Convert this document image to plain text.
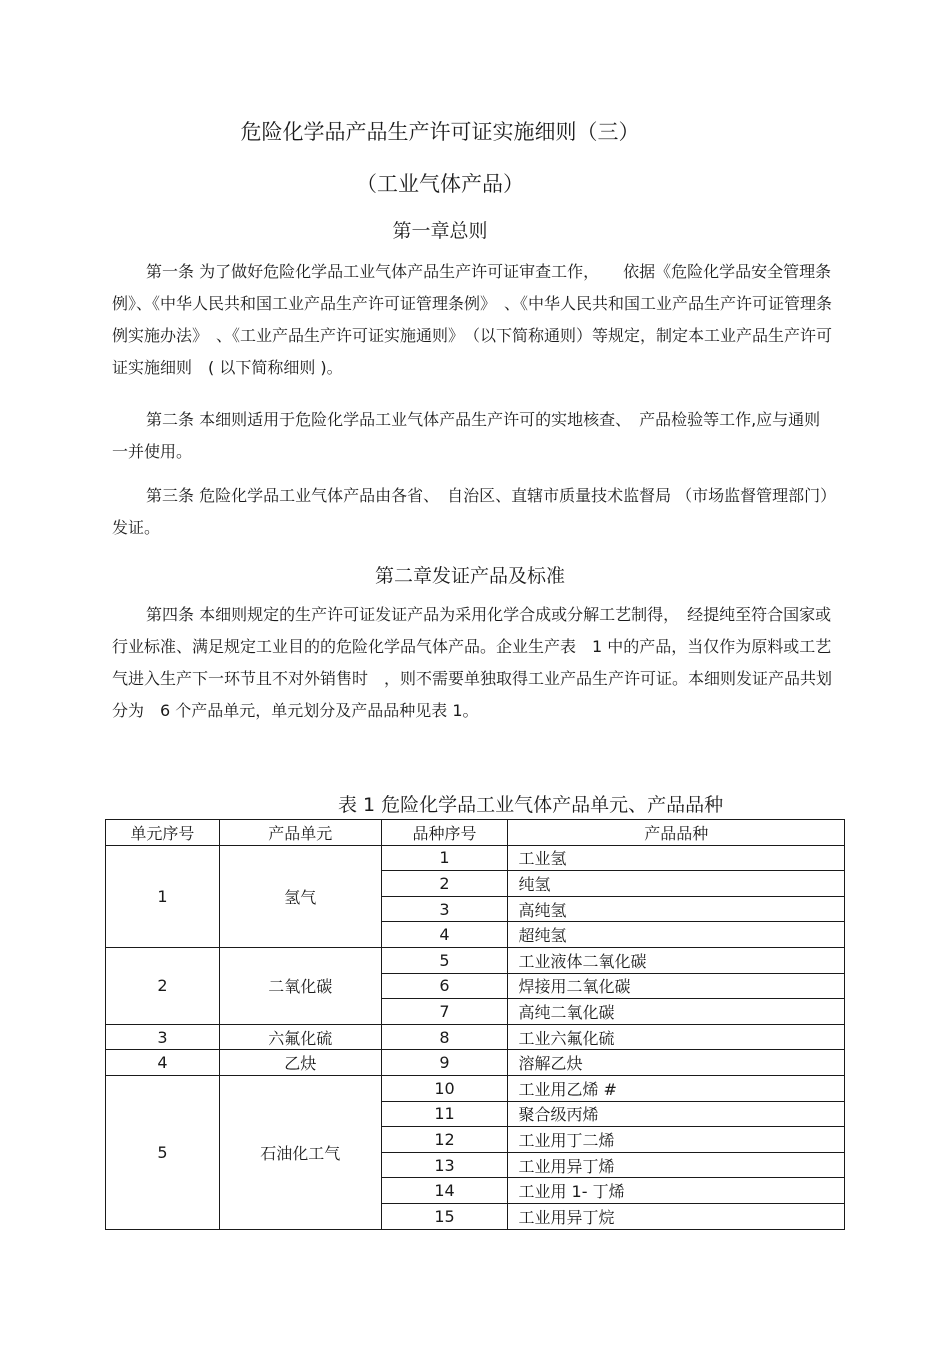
危险化学品产品生产许可证实施细则（三）
（工业气体产品）
第一章总则
第一条 为了做好危险化学品工业气体产品生产许可证审查工作，　　依据《危险化学品安全管理条例》、《中华人民共和国工业产品生产许可证管理条例》　、《中华人民共和国工业产品生产许可证管理条例实施办法》　、《工业产品生产许可证实施通则》　（以下简称通则）等规定，制定本工业产品生产许可证实施细则　( 以下简称细则 )。
第二条 本细则适用于危险化学品工业气体产品生产许可的实地核查、　产品检验等工作,应与通则一并使用。
第三条 危险化学品工业气体产品由各省、　自治区、直辖市质量技术监督局 （市场监督管理部门）发证。
第二章发证产品及标准
第四条 本细则规定的生产许可证发证产品为采用化学合成或分解工艺制得，　经提纯至符合国家或行业标准、满足规定工业目的的危险化学品气体产品。企业生产表　1 中的产品，当仅作为原料或工艺气进入生产下一环节且不对外销售时　，则不需要单独取得工业产品生产许可证。本细则发证产品共划分为　6 个产品单元，单元划分及产品品种见表 1。
表 1 危险化学品工业气体产品单元、产品品种
单元序号	产品单元	品种序号	产品品种
1	氢气	1	工业氢
		2	纯氢
		3	高纯氢
		4	超纯氢
2	二氧化碳	5	工业液体二氧化碳
		6	焊接用二氧化碳
		7	高纯二氧化碳
3	六氟化硫	8	工业六氟化硫
4	乙炔	9	溶解乙炔
5	石油化工气	10	工业用乙烯 #
		11	聚合级丙烯
		12	工业用丁二烯
		13	工业用异丁烯
		14	工业用 1- 丁烯
		15	工业用异丁烷
